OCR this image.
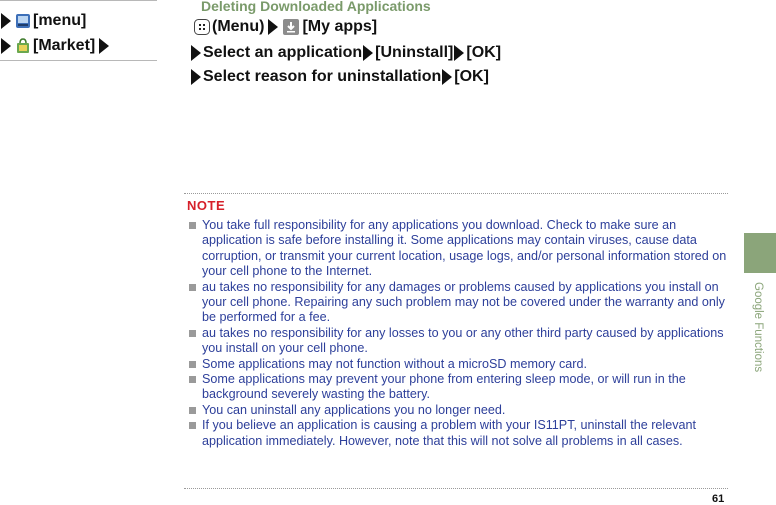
[menu]
[Market]
Deleting Downloaded Applications
(Menu) [My apps]
Select an application [Uninstall] [OK]
Select reason for uninstallation [OK]
NOTE
You take full responsibility for any applications you download. Check to make sure an application is safe before installing it. Some applications may contain viruses, cause data corruption, or transmit your current location, usage logs, and/or personal information stored on your cell phone to the Internet.
au takes no responsibility for any damages or problems caused by applications you install on your cell phone. Repairing any such problem may not be covered under the warranty and only be performed for a fee.
au takes no responsibility for any losses to you or any other third party caused by applications you install on your cell phone.
Some applications may not function without a microSD memory card.
Some applications may prevent your phone from entering sleep mode, or will run in the background severely wasting the battery.
You can uninstall any applications you no longer need.
If you believe an application is causing a problem with your IS11PT, uninstall the relevant application immediately. However, note that this will not solve all problems in all cases.
Google Functions
61
